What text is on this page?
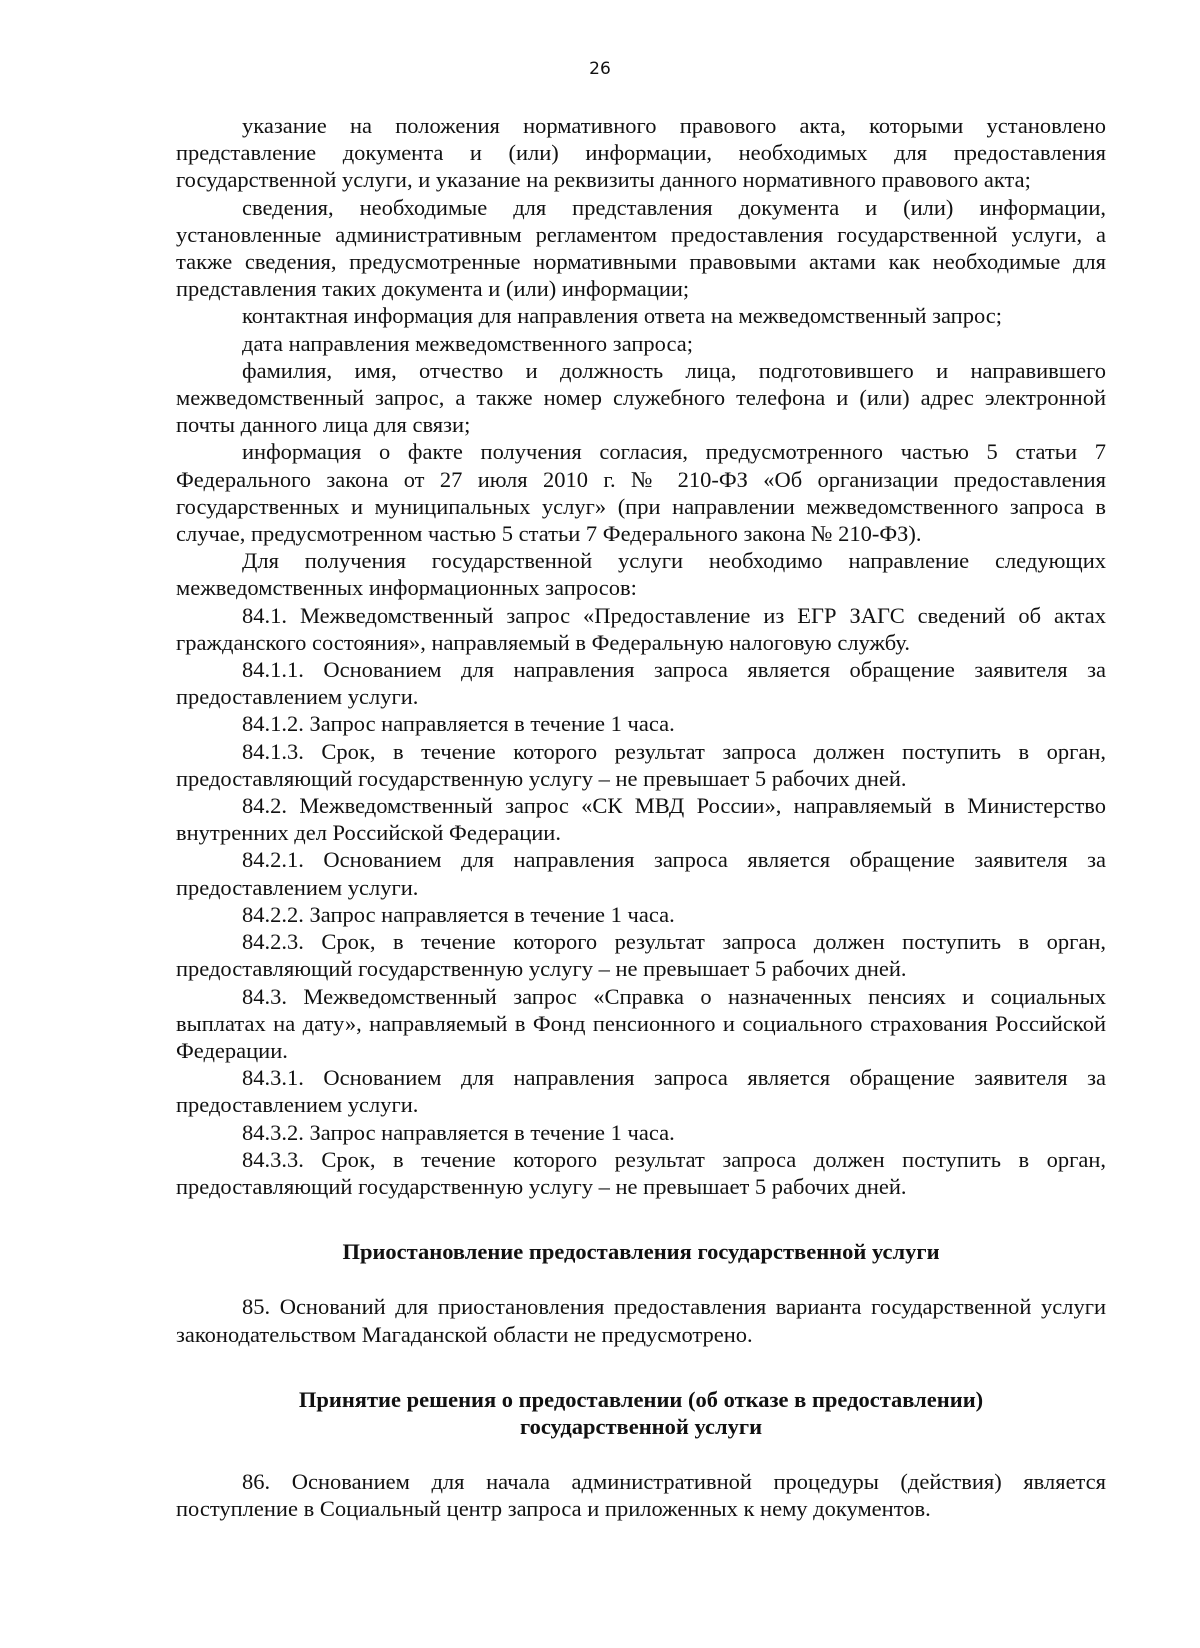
26

указание на положения нормативного правового акта, которыми установлено представление документа и (или) информации, необходимых для предоставления государственной услуги, и указание на реквизиты данного нормативного правового акта;

сведения, необходимые для представления документа и (или) информации, установленные административным регламентом предоставления государственной услуги, а также сведения, предусмотренные нормативными правовыми актами как необходимые для представления таких документа и (или) информации;

контактная информация для направления ответа на межведомственный запрос;

дата направления межведомственного запроса;

фамилия, имя, отчество и должность лица, подготовившего и направившего межведомственный запрос, а также номер служебного телефона и (или) адрес электронной почты данного лица для связи;

информация о факте получения согласия, предусмотренного частью 5 статьи 7 Федерального закона от 27 июля 2010 г. № 210-ФЗ «Об организации предоставления государственных и муниципальных услуг» (при направлении межведомственного запроса в случае, предусмотренном частью 5 статьи 7 Федерального закона № 210-ФЗ).

Для получения государственной услуги необходимо направление следующих межведомственных информационных запросов:

84.1. Межведомственный запрос «Предоставление из ЕГР ЗАГС сведений об актах гражданского состояния», направляемый в Федеральную налоговую службу.

84.1.1. Основанием для направления запроса является обращение заявителя за предоставлением услуги.

84.1.2. Запрос направляется в течение 1 часа.

84.1.3. Срок, в течение которого результат запроса должен поступить в орган, предоставляющий государственную услугу – не превышает 5 рабочих дней.

84.2. Межведомственный запрос «СК МВД России», направляемый в Министерство внутренних дел Российской Федерации.

84.2.1. Основанием для направления запроса является обращение заявителя за предоставлением услуги.

84.2.2. Запрос направляется в течение 1 часа.

84.2.3. Срок, в течение которого результат запроса должен поступить в орган, предоставляющий государственную услугу – не превышает 5 рабочих дней.

84.3. Межведомственный запрос «Справка о назначенных пенсиях и социальных выплатах на дату», направляемый в Фонд пенсионного и социального страхования Российской Федерации.

84.3.1. Основанием для направления запроса является обращение заявителя за предоставлением услуги.

84.3.2. Запрос направляется в течение 1 часа.

84.3.3. Срок, в течение которого результат запроса должен поступить в орган, предоставляющий государственную услугу – не превышает 5 рабочих дней.

Приостановление предоставления государственной услуги

85. Оснований для приостановления предоставления варианта государственной услуги законодательством Магаданской области не предусмотрено.

Принятие решения о предоставлении (об отказе в предоставлении)
государственной услуги

86. Основанием для начала административной процедуры (действия) является поступление в Социальный центр запроса и приложенных к нему документов.
